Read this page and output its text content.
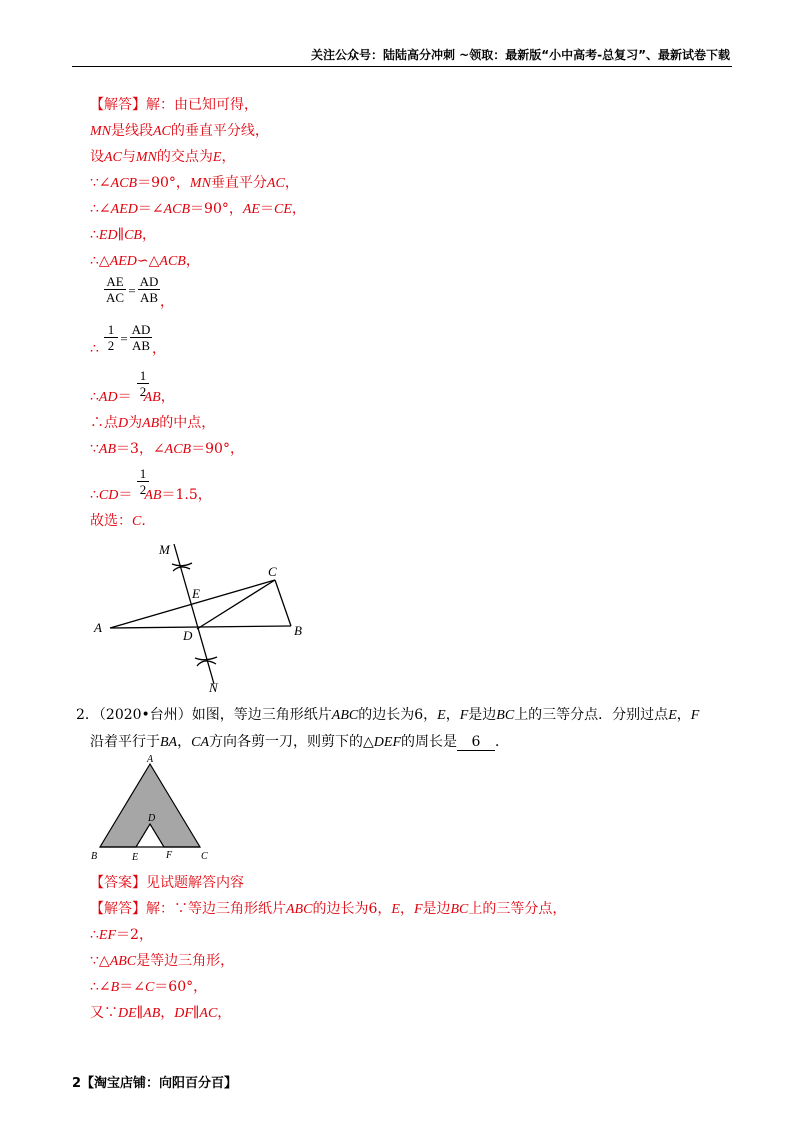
关注公众号：陆陆高分冲刺 ~领取：最新版“小中高考-总复习”、最新试卷下载
【解答】解：由已知可得，
MN是线段AC的垂直平分线，
设AC与MN的交点为E，
∵∠ACB＝90°，MN垂直平分AC，
∴∠AED＝∠ACB＝90°，AE＝CE，
∴ED∥CB，
∴△AED∽△ACB，
AE
AC =
AD
AB ，
∴
1
2 =
AD
AB ，
∴AD＝ AB，
1
2
∴点D为AB的中点，
∵AB＝3，∠ACB＝90°，
∴CD＝ AB＝1.5，
1
2
故选：C.
M
E
C
A
D	B
N
2．（2020•台州）如图，等边三角形纸片ABC的边长为6，E，F是边BC上的三等分点．分别过点E，F
沿着平行于BA，CA方向各剪一刀，则剪下的△DEF的周长是 6 ．
A
D
B	E	F	C
【答案】见试题解答内容
【解答】解：∵等边三角形纸片ABC的边长为6，E，F是边BC上的三等分点，
∴EF＝2，
∵△ABC是等边三角形，
∴∠B＝∠C＝60°，
又∵DE∥AB，DF∥AC，
2【淘宝店铺：向阳百分百】
